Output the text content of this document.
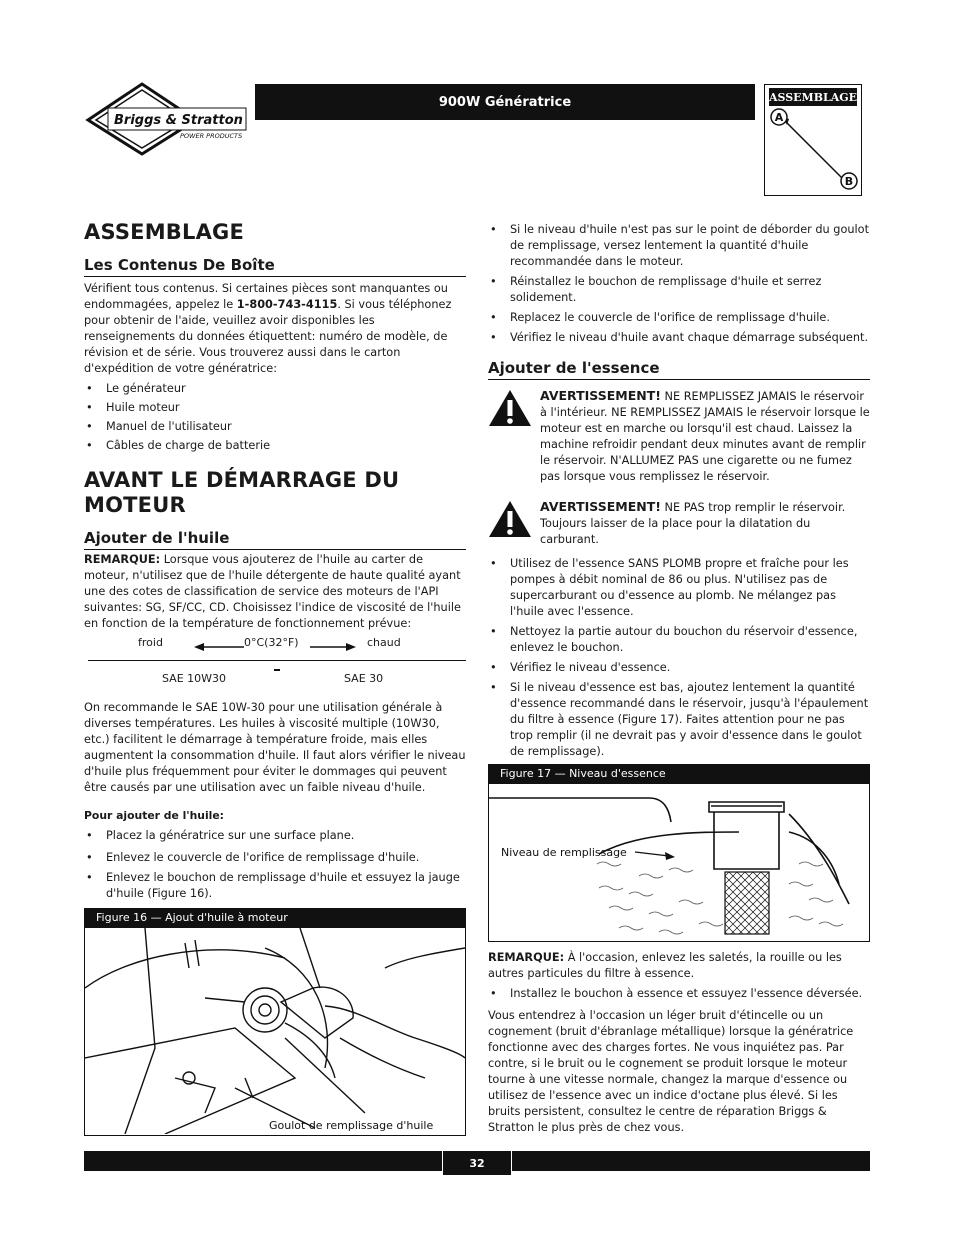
Briggs & Stratton
POWER PRODUCTS
900W Génératrice	ASSEMBLAGE
A
B
ASSEMBLAGE
Les Contenus De Boîte

Vérifient tous contenus. Si certaines pièces sont manquantes ou endommagées, appelez le 1-800-743-4115. Si vous téléphonez pour obtenir de l'aide, veuillez avoir disponibles les renseignements du données étiquettent: numéro de modèle, de révision et de série. Vous trouverez aussi dans le carton d'expédition de votre génératrice:

• Le générateur
• Huile moteur
• Manuel de l'utilisateur
• Câbles de charge de batterie
AVANT LE DÉMARRAGE DU
MOTEUR
Ajouter de l'huile

REMARQUE: Lorsque vous ajouterez de l'huile au carter de moteur, n'utilisez que de l'huile détergente de haute qualité ayant une des cotes de classification de service des moteurs de l'API suivantes: SG, SF/CC, CD. Choisissez l'indice de viscosité de l'huile en fonction de la température de fonctionnement prévue:

froid	0°C(32°F)	chaud
SAE 10W30	SAE 30

On recommande le SAE 10W-30 pour une utilisation générale à diverses températures. Les huiles à viscosité multiple (10W30, etc.) facilitent le démarrage à température froide, mais elles augmentent la consommation d'huile. Il faut alors vérifier le niveau d'huile plus fréquemment pour éviter le dommages qui peuvent être causés par une utilisation avec un faible niveau d'huile.

Pour ajouter de l'huile:

• Placez la génératrice sur une surface plane.
• Enlevez le couvercle de l'orifice de remplissage d'huile.
• Enlevez le bouchon de remplissage d'huile et essuyez la jauge d'huile (Figure 16).
Figure 16 — Ajout d'huile à moteur
Goulot de remplissage d'huile
• Si le niveau d'huile n'est pas sur le point de déborder du goulot de remplissage, versez lentement la quantité d'huile recommandée dans le moteur.
• Réinstallez le bouchon de remplissage d'huile et serrez solidement.
• Replacez le couvercle de l'orifice de remplissage d'huile.
• Vérifiez le niveau d'huile avant chaque démarrage subséquent.
Ajouter de l'essence

AVERTISSEMENT! NE REMPLISSEZ JAMAIS le réservoir à l'intérieur. NE REMPLISSEZ JAMAIS le réservoir lorsque le moteur est en marche ou lorsqu'il est chaud. Laissez la machine refroidir pendant deux minutes avant de remplir le réservoir. N'ALLUMEZ PAS une cigarette ou ne fumez pas lorsque vous remplissez le réservoir.

AVERTISSEMENT! NE PAS trop remplir le réservoir. Toujours laisser de la place pour la dilatation du carburant.

• Utilisez de l'essence SANS PLOMB propre et fraîche pour les pompes à débit nominal de 86 ou plus. N'utilisez pas de supercarburant ou d'essence au plomb. Ne mélangez pas l'huile avec l'essence.
• Nettoyez la partie autour du bouchon du réservoir d'essence, enlevez le bouchon.
• Vérifiez le niveau d'essence.
• Si le niveau d'essence est bas, ajoutez lentement la quantité d'essence recommandé dans le réservoir, jusqu'à l'épaulement du filtre à essence (Figure 17). Faites attention pour ne pas trop remplir (il ne devrait pas y avoir d'essence dans le goulot de remplissage).
Figure 17 — Niveau d'essence
Niveau de remplissage

REMARQUE: À l'occasion, enlevez les saletés, la rouille ou les autres particules du filtre à essence.

• Installez le bouchon à essence et essuyez l'essence déversée.

Vous entendrez à l'occasion un léger bruit d'étincelle ou un cognement (bruit d'ébranlage métallique) lorsque la génératrice fonctionne avec des charges fortes. Ne vous inquiétez pas. Par contre, si le bruit ou le cognement se produit lorsque le moteur tourne à une vitesse normale, changez la marque d'essence ou utilisez de l'essence avec un indice d'octane plus élevé. Si les bruits persistent, consultez le centre de réparation Briggs & Stratton le plus près de chez vous.

32
